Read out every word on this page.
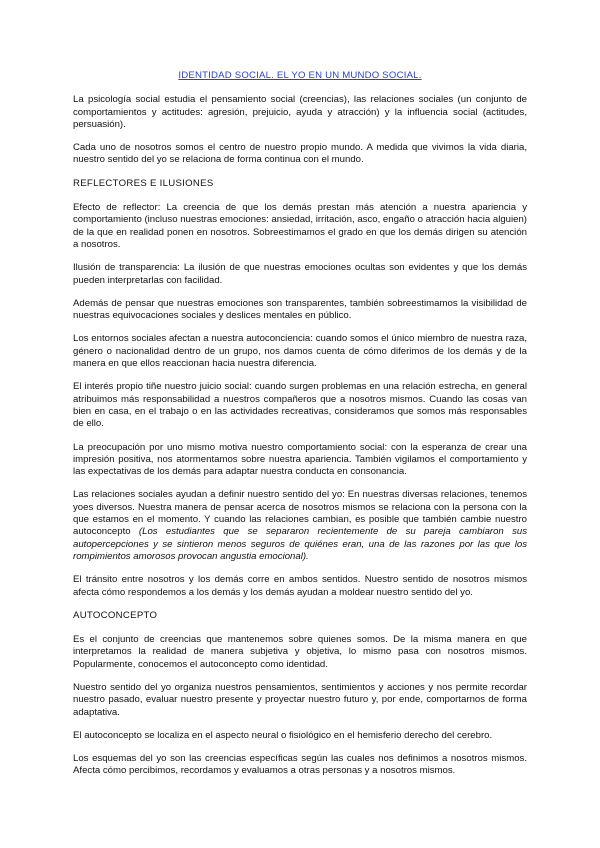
IDENTIDAD SOCIAL. EL YO EN UN MUNDO SOCIAL.

La psicología social estudia el pensamiento social (creencias), las relaciones sociales (un conjunto de comportamientos y actitudes: agresión, prejuicio, ayuda y atracción) y la influencia social (actitudes, persuasión).

Cada uno de nosotros somos el centro de nuestro propio mundo. A medida que vivimos la vida diaria, nuestro sentido del yo se relaciona de forma continua con el mundo.

REFLECTORES E ILUSIONES

Efecto de reflector: La creencia de que los demás prestan más atención a nuestra apariencia y comportamiento (incluso nuestras emociones: ansiedad, irritación, asco, engaño o atracción hacia alguien) de la que en realidad ponen en nosotros. Sobreestimamos el grado en que los demás dirigen su atención a nosotros.

Ilusión de transparencia: La ilusión de que nuestras emociones ocultas son evidentes y que los demás pueden interpretarlas con facilidad.

Además de pensar que nuestras emociones son transparentes, también sobreestimamos la visibilidad de nuestras equivocaciones sociales y deslices mentales en público.

Los entornos sociales afectan a nuestra autoconciencia: cuando somos el único miembro de nuestra raza, género o nacionalidad dentro de un grupo, nos damos cuenta de cómo diferimos de los demás y de la manera en que ellos reaccionan hacia nuestra diferencia.

El interés propio tiñe nuestro juicio social: cuando surgen problemas en una relación estrecha, en general atribuimos más responsabilidad a nuestros compañeros que a nosotros mismos. Cuando las cosas van bien en casa, en el trabajo o en las actividades recreativas, consideramos que somos más responsables de ello.

La preocupación por uno mismo motiva nuestro comportamiento social: con la esperanza de crear una impresión positiva, nos atormentamos sobre nuestra apariencia. También vigilamos el comportamiento y las expectativas de los demás para adaptar nuestra conducta en consonancia.

Las relaciones sociales ayudan a definir nuestro sentido del yo: En nuestras diversas relaciones, tenemos yoes diversos. Nuestra manera de pensar acerca de nosotros mismos se relaciona con la persona con la que estamos en el momento. Y cuando las relaciones cambian, es posible que también cambie nuestro autoconcepto (Los estudiantes que se separaron recientemente de su pareja cambiaron sus autopercepciones y se sintieron menos seguros de quiénes eran, una de las razones por las que los rompimientos amorosos provocan angustia emocional).

El tránsito entre nosotros y los demás corre en ambos sentidos. Nuestro sentido de nosotros mismos afecta cómo respondemos a los demás y los demás ayudan a moldear nuestro sentido del yo.

AUTOCONCEPTO

Es el conjunto de creencias que mantenemos sobre quienes somos. De la misma manera en que interpretamos la realidad de manera subjetiva y objetiva, lo mismo pasa con nosotros mismos. Popularmente, conocemos el autoconcepto como identidad.

Nuestro sentido del yo organiza nuestros pensamientos, sentimientos y acciones y nos permite recordar nuestro pasado, evaluar nuestro presente y proyectar nuestro futuro y, por ende, comportarnos de forma adaptativa.

El autoconcepto se localiza en el aspecto neural o fisiológico en el hemisferio derecho del cerebro.

Los esquemas del yo son las creencias específicas según las cuales nos definimos a nosotros mismos. Afecta cómo percibimos, recordamos y evaluamos a otras personas y a nosotros mismos.
